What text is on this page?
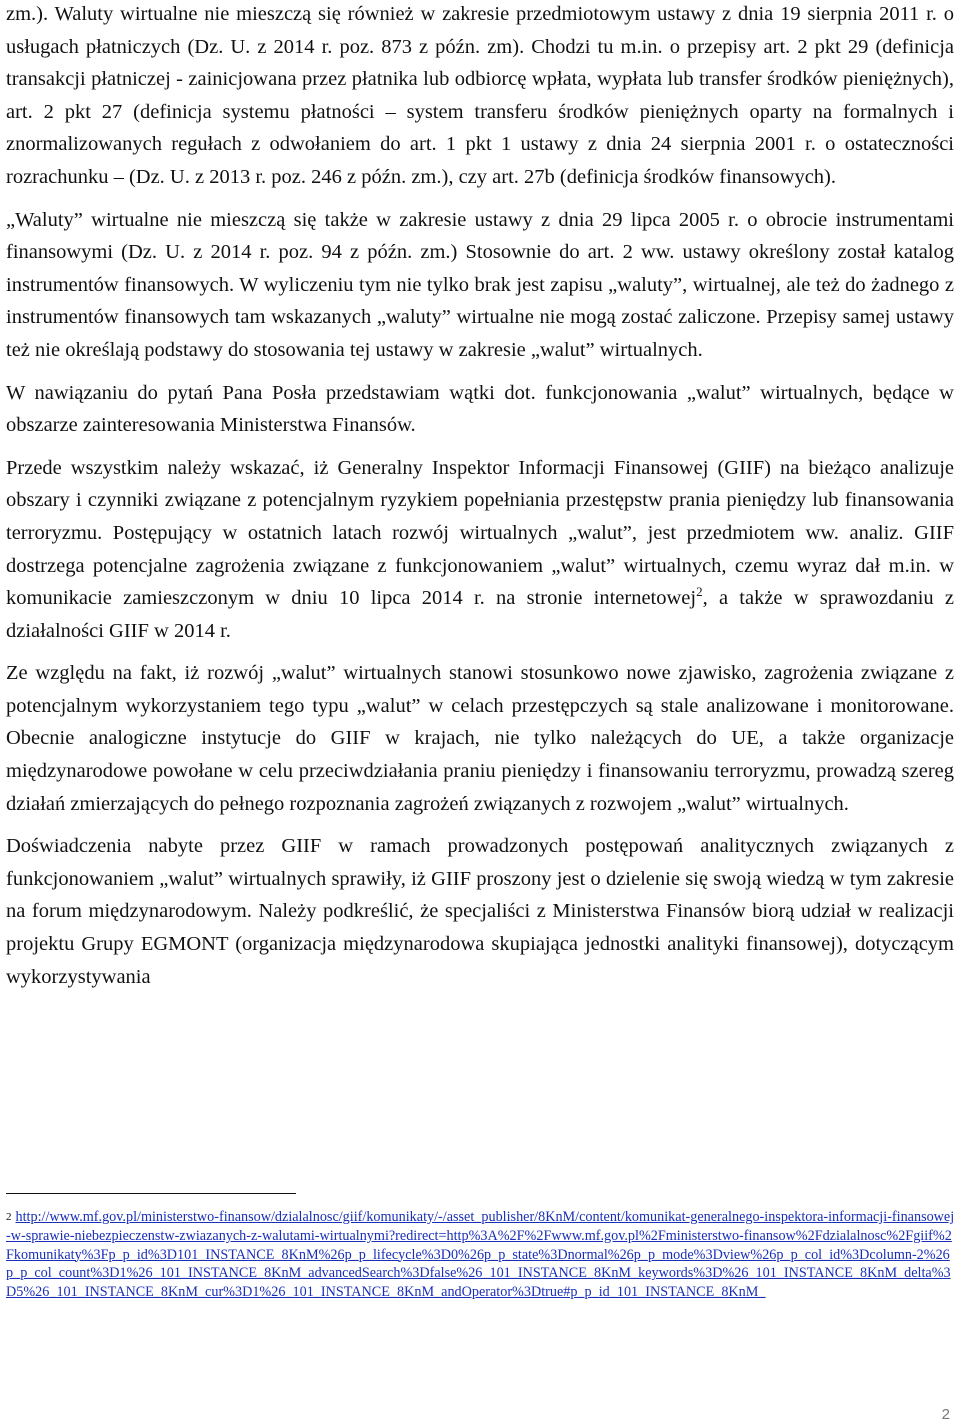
zm.). Waluty wirtualne nie mieszczą się również w zakresie przedmiotowym ustawy z dnia 19 sierpnia 2011 r. o usługach płatniczych (Dz. U. z 2014 r. poz. 873 z późn. zm). Chodzi tu m.in. o przepisy art. 2 pkt 29 (definicja transakcji płatniczej - zainicjowana przez płatnika lub odbiorcę wpłata, wypłata lub transfer środków pieniężnych), art. 2 pkt 27 (definicja systemu płatności – system transferu środków pieniężnych oparty na formalnych i znormalizowanych regułach z odwołaniem do art. 1 pkt 1 ustawy z dnia 24 sierpnia 2001 r. o ostateczności rozrachunku – (Dz. U. z 2013 r. poz. 246 z późn. zm.), czy art. 27b (definicja środków finansowych).

„Waluty” wirtualne nie mieszczą się także w zakresie ustawy z dnia 29 lipca 2005 r. o obrocie instrumentami finansowymi (Dz. U. z 2014 r. poz. 94 z późn. zm.) Stosownie do art. 2 ww. ustawy określony został katalog instrumentów finansowych. W wyliczeniu tym nie tylko brak jest zapisu „waluty”, wirtualnej, ale też do żadnego z instrumentów finansowych tam wskazanych „waluty” wirtualne nie mogą zostać zaliczone. Przepisy samej ustawy też nie określają podstawy do stosowania tej ustawy w zakresie „walut” wirtualnych.

W nawiązaniu do pytań Pana Posła przedstawiam wątki dot. funkcjonowania „walut” wirtualnych, będące w obszarze zainteresowania Ministerstwa Finansów.

Przede wszystkim należy wskazać, iż Generalny Inspektor Informacji Finansowej (GIIF) na bieżąco analizuje obszary i czynniki związane z potencjalnym ryzykiem popełniania przestępstw prania pieniędzy lub finansowania terroryzmu. Postępujący w ostatnich latach rozwój wirtualnych „walut”, jest przedmiotem ww. analiz. GIIF dostrzega potencjalne zagrożenia związane z funkcjonowaniem „walut” wirtualnych, czemu wyraz dał m.in. w komunikacie zamieszczonym w dniu 10 lipca 2014 r. na stronie internetowej$^2$, a także w sprawozdaniu z działalności GIIF w 2014 r.

Ze względu na fakt, iż rozwój „walut” wirtualnych stanowi stosunkowo nowe zjawisko, zagrożenia związane z potencjalnym wykorzystaniem tego typu „walut” w celach przestępczych są stale analizowane i monitorowane. Obecnie analogiczne instytucje do GIIF w krajach, nie tylko należących do UE, a także organizacje międzynarodowe powołane w celu przeciwdziałania praniu pieniędzy i finansowaniu terroryzmu, prowadzą szereg działań zmierzających do pełnego rozpoznania zagrożeń związanych z rozwojem „walut” wirtualnych.

Doświadczenia nabyte przez GIIF w ramach prowadzonych postępowań analitycznych związanych z funkcjonowaniem „walut” wirtualnych sprawiły, iż GIIF proszony jest o dzielenie się swoją wiedzą w tym zakresie na forum międzynarodowym. Należy podkreślić, że specjaliści z Ministerstwa Finansów biorą udział w realizacji projektu Grupy EGMONT (organizacja międzynarodowa skupiająca jednostki analityki finansowej), dotyczącym wykorzystywania

$^2$ http://www.mf.gov.pl/ministerstwo-finansow/dzialalnosc/giif/komunikaty/-/asset_publisher/8KnM/content/komunikat-generalnego-inspektora-informacji-finansowej-w-sprawie-niebezpieczenstw-zwiazanych-z-walutami-wirtualnymi?redirect=http%3A%2F%2Fwww.mf.gov.pl%2Fministerstwo-finansow%2Fdzialalnosc%2Fgiif%2Fkomunikaty%3Fp_p_id%3D101_INSTANCE_8KnM%26p_p_lifecycle%3D0%26p_p_state%3Dnormal%26p_p_mode%3Dview%26p_p_col_id%3Dcolumn-2%26p_p_col_count%3D1%26_101_INSTANCE_8KnM_advancedSearch%3Dfalse%26_101_INSTANCE_8KnM_keywords%3D%26_101_INSTANCE_8KnM_delta%3D5%26_101_INSTANCE_8KnM_cur%3D1%26_101_INSTANCE_8KnM_andOperator%3Dtrue#p_p_id_101_INSTANCE_8KnM_

2
